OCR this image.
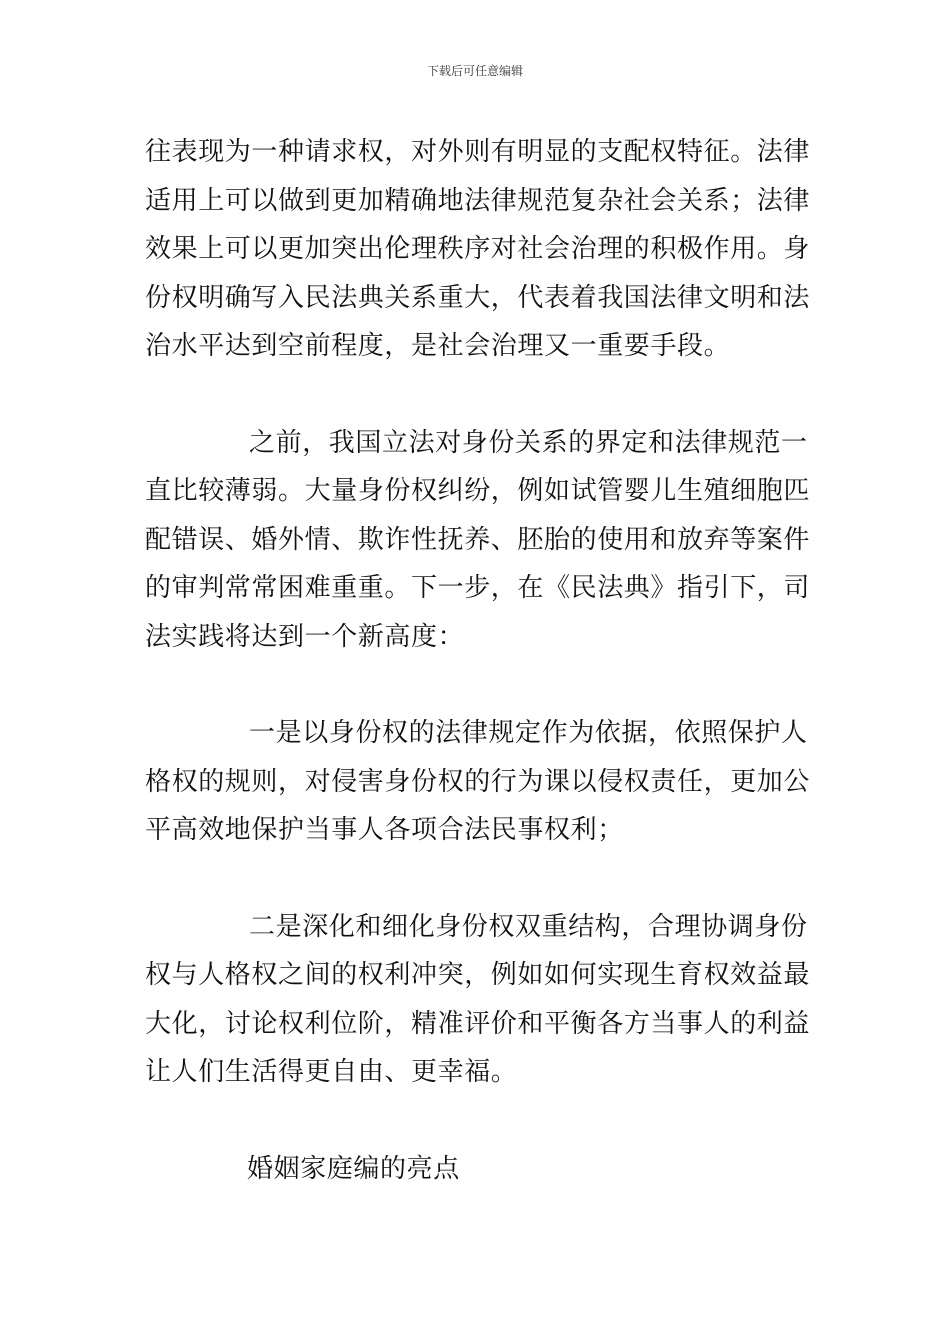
下载后可任意编辑

往表现为一种请求权，对外则有明显的支配权特征。法律
适用上可以做到更加精确地法律规范复杂社会关系；法律
效果上可以更加突出伦理秩序对社会治理的积极作用。身
份权明确写入民法典关系重大，代表着我国法律文明和法
治水平达到空前程度，是社会治理又一重要手段。

之前，我国立法对身份关系的界定和法律规范一
直比较薄弱。大量身份权纠纷，例如试管婴儿生殖细胞匹
配错误、婚外情、欺诈性抚养、胚胎的使用和放弃等案件
的审判常常困难重重。下一步，在《民法典》指引下，司
法实践将达到一个新高度：

一是以身份权的法律规定作为依据，依照保护人
格权的规则，对侵害身份权的行为课以侵权责任，更加公
平高效地保护当事人各项合法民事权利；

二是深化和细化身份权双重结构，合理协调身份
权与人格权之间的权利冲突，例如如何实现生育权效益最
大化，讨论权利位阶，精准评价和平衡各方当事人的利益
让人们生活得更自由、更幸福。

婚姻家庭编的亮点
